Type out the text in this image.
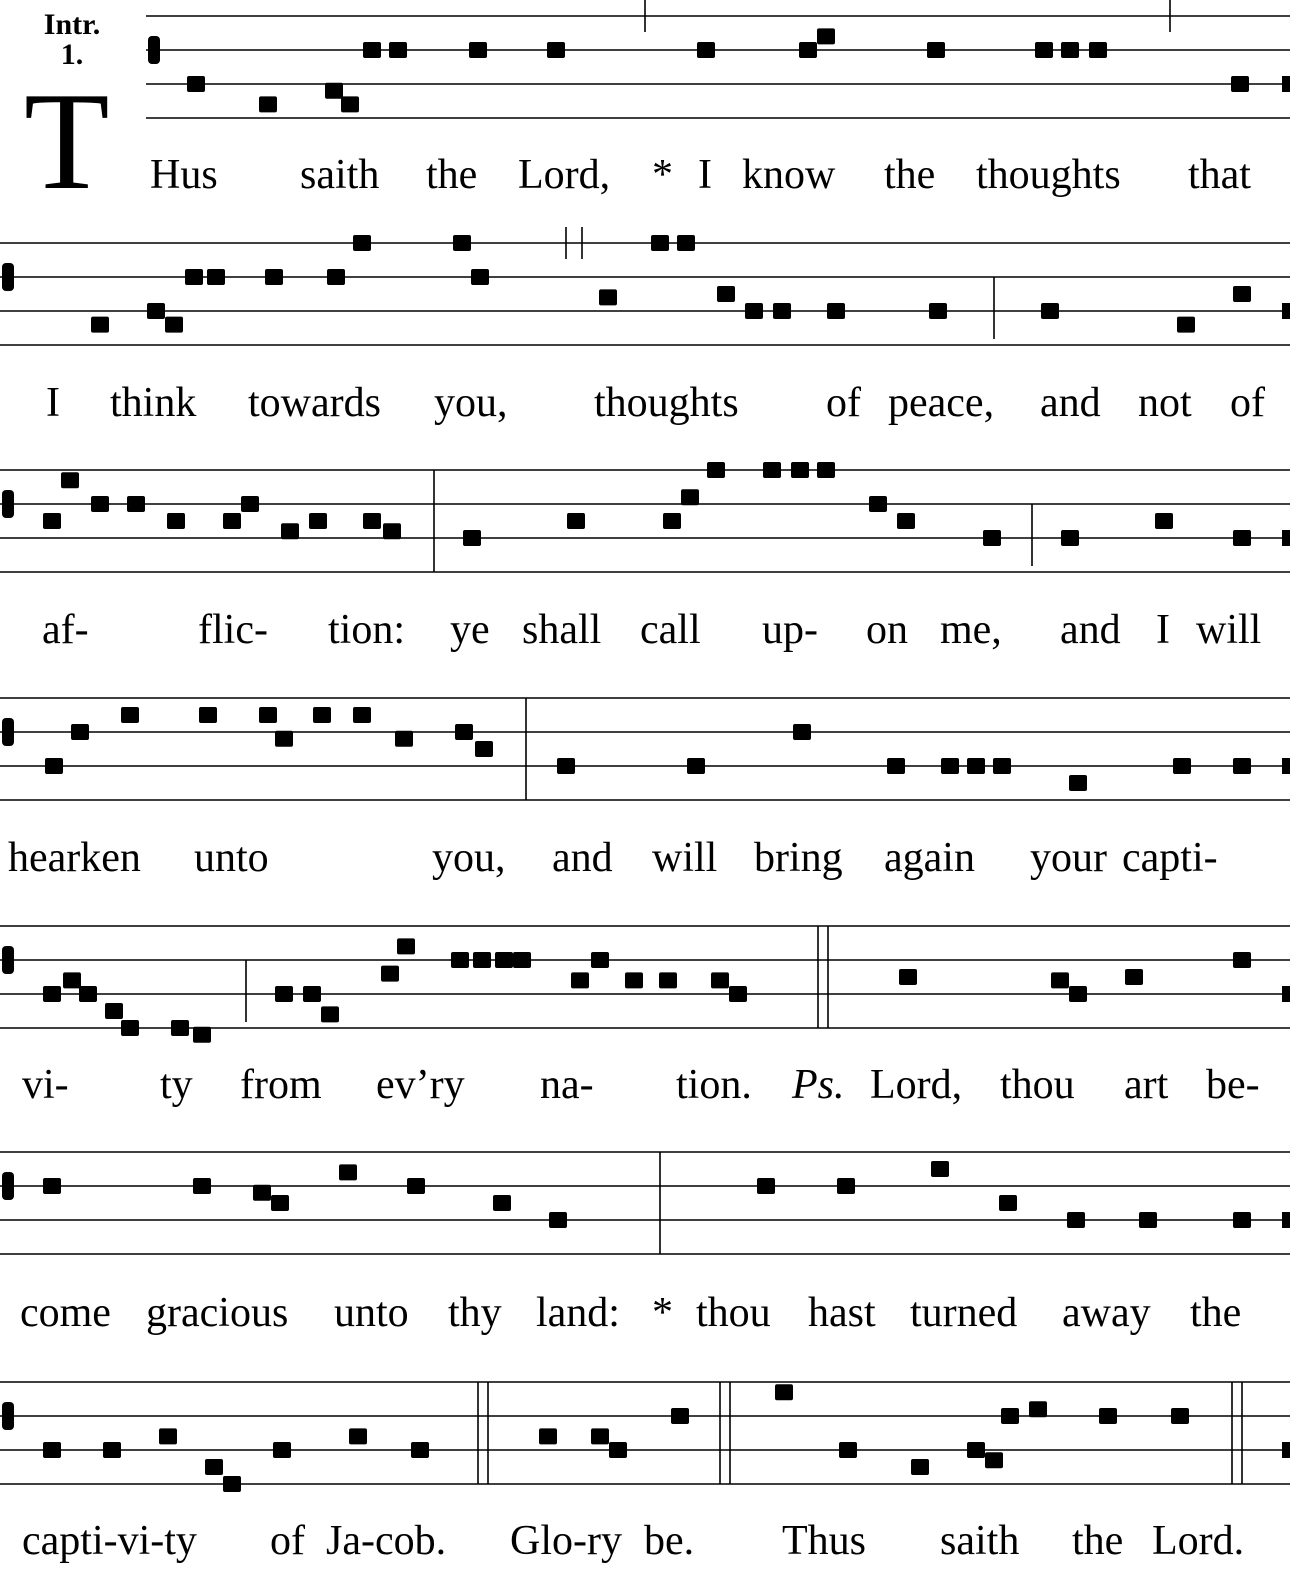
Intr.
1.
T Hus saith the Lord, * I know the thoughts that
I think towards you, thoughts of peace, and not of
af-	flic- tion: ye shall call up- on me, and I will
hearken unto	you, and will bring again your capti-
vi- ty from ev’ry na- tion. Ps. Lord, thou art be-
come gracious unto thy land: * thou hast turned away the
capti-vi-ty of Ja-cob. Glo-ry be. Thus saith the Lord.
